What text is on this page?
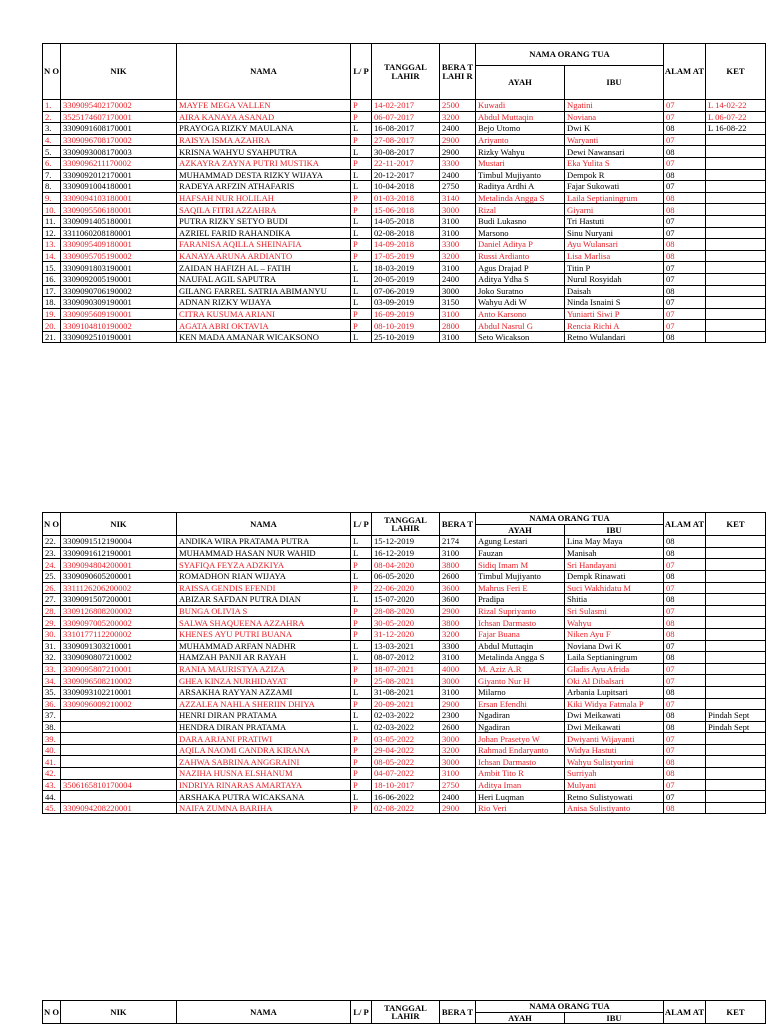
N O	NIK	NAMA	L/ P	TANGGAL LAHIR	BERA T LAHI R	NAMA ORANG TUA		ALAM AT	KET
						AYAH	IBU		
1.	3309095402170002	MAYFE MEGA VALLEN	P	14-02-2017	2500	Kuwadi	Ngatini	07	L 14-02-22
2.	3525174607170001	AIRA KANAYA ASANAD	P	06-07-2017	3200	Abdul Muttaqin	Noviana	07	L 06-07-22
3.	3309091608170001	PRAYOGA RIZKY MAULANA	L	16-08-2017	2400	Bejo Utomo	Dwi K	08	L 16-08-22
4.	3309096708170002	RAISYA ISMA AZAHRA	P	27-08-2017	2900	Ariyanto	Waryanti	07	
5.	3309093008170003	KRISNA WAHYU SYAHPUTRA	L	30-08-2017	2900	Rizky Wahyu	Dewi Nawansari	08	
6.	3309096211170002	AZKAYRA ZAYNA PUTRI MUSTIKA	P	22-11-2017	3300	Mustari	Eka Yulita S	07	
7.	3309092012170001	MUHAMMAD DESTA RIZKY WIJAYA	L	20-12-2017	2400	Timbul Mujiyanto	Dempok R	08	
8.	3309091004180001	RADEYA ARFZIN ATHAFARIS	L	10-04-2018	2750	Raditya Ardhi A	Fajar Sukowati	07	
9.	3309094103180001	HAFSAH NUR HOLILAH	P	01-03-2018	3140	Metalinda Angga S	Laila Septianingrum	08	
10.	3309095506180001	SAQILA FITRI AZZAHRA	P	15-06-2018	3000	Rizal	Giyarni	08	
11.	3309091405180001	PUTRA RIZKY SETYO BUDI	L	14-05-2018	3100	Budi Lukasno	Tri Hastuti	07	
12.	3311060208180001	AZRIEL FARID RAHANDIKA	L	02-08-2018	3100	Marsono	Sinu Nuryani	07	
13.	3309095409180001	FARANISA AQILLA SHEINAFIA	P	14-09-2018	3300	Daniel Aditya P	Ayu Wulansari	08	
14.	3309095705190002	KANAYA ARUNA ARDIANTO	P	17-05-2019	3200	Russi Ardianto	Lisa Marlisa	08	
15.	3309091803190001	ZAIDAN HAFIZH AL – FATIH	L	18-03-2019	3100	Agus Drajad P	Titin P	07	
16.	3309092005190001	NAUFAL AGIL SAPUTRA	L	20-05-2019	2400	Aditya Ydha S	Nurul Rosyidah	07	
17.	3309090706190002	GILANG FARREL SATRIA ABIMANYU	L	07-06-2019	3000	Joko Suratno	Daisah	08	
18.	3309090309190001	ADNAN RIZKY WIJAYA	L	03-09-2019	3150	Wahyu Adi W	Ninda Isnaini S	07	
19.	3309095609190001	CITRA KUSUMA ARIANI	P	16-09-2019	3100	Anto Karsono	Yuniarti Siwi P	07	
20.	3309104810190002	AGATA ABRI OKTAVIA	P	08-10-2019	2800	Abdul Nasrul G	Rencia Richi A	07	
21.	3309092510190001	KEN MADA AMANAR WICAKSONO	L	25-10-2019	3100	Seto Wicakson	Retno Wulandari	08	
N O	NIK	NAMA	L/ P	TANGGAL LAHIR	BERA T	NAMA ORANG TUA		ALAM AT	KET
						AYAH	IBU		
22.	3309091512190004	ANDIKA WIRA PRATAMA PUTRA	L	15-12-2019	2174	Agung Lestari	Lina May Maya	08	
23.	3309091612190001	MUHAMMAD HASAN NUR WAHID	L	16-12-2019	3100	Fauzan	Manisah	08	
24.	3309094804200001	SYAFIQA FEYZA ADZKIYA	P	08-04-2020	3800	Sidiq Imam M	Sri Handayani	07	
25.	3309090605200001	ROMADHON RIAN WIJAYA	L	06-05-2020	2600	Timbul Mujiyanto	Dempk Rinawati	08	
26.	3311126206200002	RAISSA GENDIS EFENDI	P	22-06-2020	3600	Mahrus Feri E	Suci Wakhidatu M	07	
27.	3309091507200001	ABIZAR SAFDAN PUTRA DIAN	L	15-07-2020	3600	Pradipa	Shitia	08	
28.	3309126808200002	BUNGA OLIVIA S	P	28-08-2020	2900	Rizal Supriyanto	Sri Sulasmi	07	
29.	3309097005200002	SALWA SHAQUEENA AZZAHRA	P	30-05-2020	3800	Ichsan Darmasto	Wahyu	08	
30.	3310177112200002	KHENES AYU PUTRI BUANA	P	31-12-2020	3200	Fajar Buana	Niken Ayu F	08	
31.	3309091303210001	MUHAMMAD ARFAN NADHR	L	13-03-2021	3300	Abdul Muttaqin	Noviana Dwi K	07	
32.	3309090807210002	HAMZAH PANJI AR RAYAH	L	08-07-2012	3100	Metalinda Angga S	Laila Septianingrum	08	
33.	3309095807210001	RANIA MAURISTYA AZIZA	P	18-07-2021	4000	M. Aziz A.R	Gladis Ayu Afrida	07	
34.	3309096508210002	GHEA KINZA NURHIDAYAT	P	25-08-2021	3000	Giyanto Nur H	Oki Al Dibalsari	07	
35.	3309093102210001	ARSAKHA RAYYAN AZZAMI	L	31-08-2021	3100	Milarno	Arbania Lupitsari	08	
36.	3309096009210002	AZZALEA NAHLA SHERIIN DHIYA	P	20-09-2021	2900	Ersan Efendhi	Kiki Widya Fatmala P	07	
37.		HENRI DIRAN PRATAMA	L	02-03-2022	2300	Ngadiran	Dwi Meikawati	08	Pindah Sept
38.		HENDRA DIRAN PRATAMA	L	02-03-2022	2600	Ngadiran	Dwi Meikawati	08	Pindah Sept
39.		DARA ARJANI PRATIWI	P	03-05-2022	3000	Johan Prasetyo W	Dwiyanti Wijayanti	07	
40.		AQILA NAOMI CANDRA KIRANA	P	29-04-2022	3200	Rahmad Endaryanto	Widya Hastuti	07	
41.		ZAHWA SABRINA ANGGRAINI	P	08-05-2022	3000	Ichsan Darmasto	Wahyu Sulistyorini	08	
42.		NAZIHA HUSNA ELSHANUM	P	04-07-2022	3100	Ambit Tito R	Surriyah	08	
43.	3506165810170004	INDRIYA RINARAS AMARTAYA	P	18-10-2017	2750	Aditya Iman	Mulyani	07	
44.		ARSHAKA PUTRA WICAKSANA	L	16-06-2022	2400	Heri Luqman	Retno Sulistyowati	07	
45.	3309094208220001	NAIFA ZUMNA BARIHA	P	02-08-2022	2900	Rio Veri	Anisa Sulistiyanto	08	
N O	NIK	NAMA	L/ P	TANGGAL LAHIR	BERA T	NAMA ORANG TUA		ALAM AT	KET
						AYAH	IBU		
